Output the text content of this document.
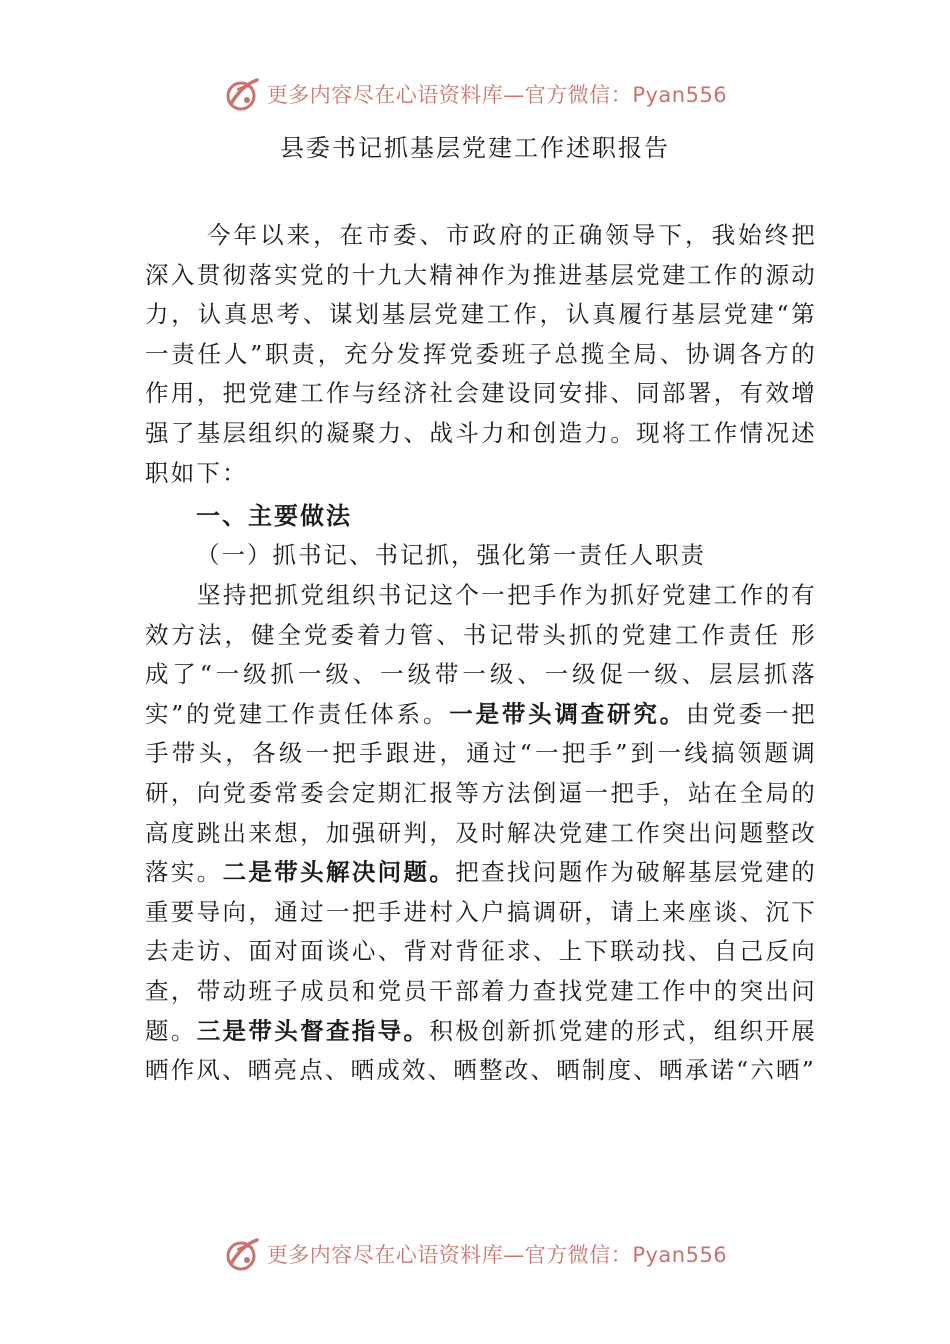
更多内容尽在心语资料库—官方微信：Pyan556
县委书记抓基层党建工作述职报告
今年以来，在市委、市政府的正确领导下，我始终把深入贯彻落实党的十九大精神作为推进基层党建工作的源动力，认真思考、谋划基层党建工作，认真履行基层党建“第一责任人”职责，充分发挥党委班子总揽全局、协调各方的作用，把党建工作与经济社会建设同安排、同部署，有效增强了基层组织的凝聚力、战斗力和创造力。现将工作情况述职如下：
一、主要做法
（一）抓书记、书记抓，强化第一责任人职责
坚持把抓党组织书记这个一把手作为抓好党建工作的有效方法，健全党委着力管、书记带头抓的党建工作责任 形成了“一级抓一级、一级带一级、一级促一级、层层抓落实”的党建工作责任体系。一是带头调查研究。由党委一把手带头，各级一把手跟进，通过“一把手”到一线搞领题调研，向党委常委会定期汇报等方法倒逼一把手，站在全局的高度跳出来想，加强研判，及时解决党建工作突出问题整改落实。二是带头解决问题。把查找问题作为破解基层党建的重要导向，通过一把手进村入户搞调研，请上来座谈、沉下去走访、面对面谈心、背对背征求、上下联动找、自己反向查，带动班子成员和党员干部着力查找党建工作中的突出问题。三是带头督查指导。积极创新抓党建的形式，组织开展晒作风、晒亮点、晒成效、晒整改、晒制度、晒承诺“六晒”
更多内容尽在心语资料库—官方微信：Pyan556
